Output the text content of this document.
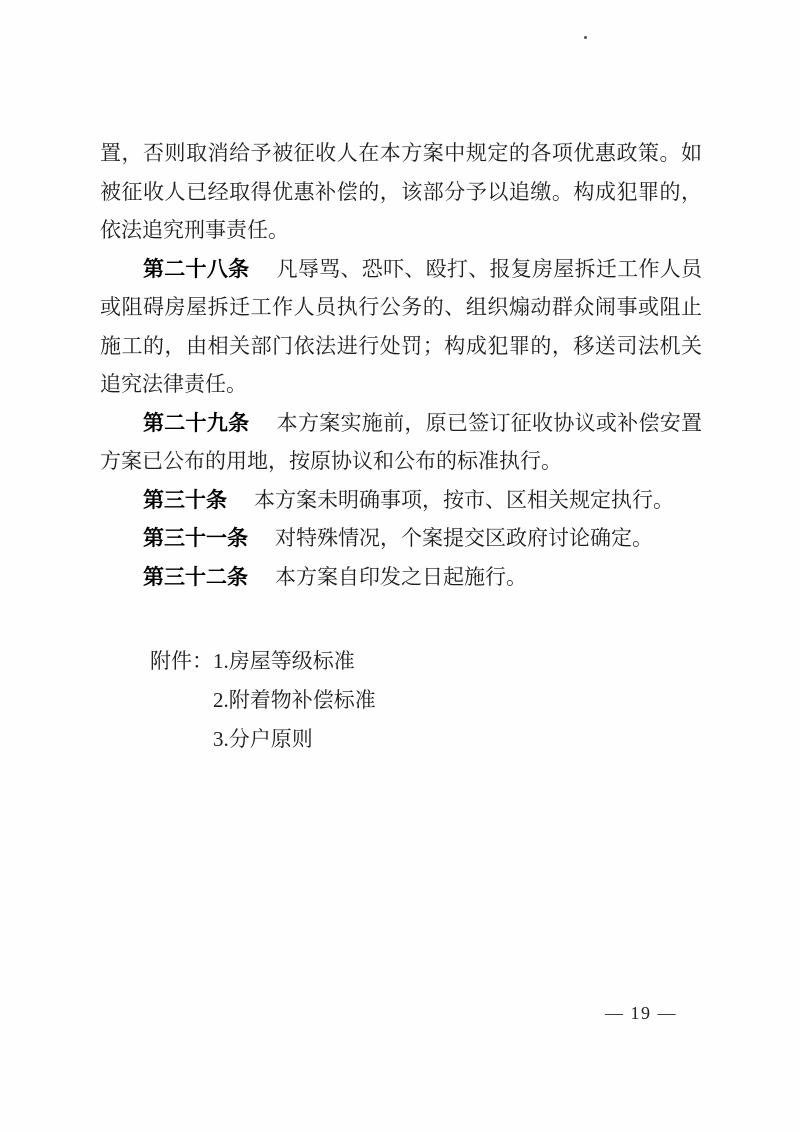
置，否则取消给予被征收人在本方案中规定的各项优惠政策。如
被征收人已经取得优惠补偿的，该部分予以追缴。构成犯罪的，
依法追究刑事责任。
第二十八条　凡辱骂、恐吓、殴打、报复房屋拆迁工作人员
或阻碍房屋拆迁工作人员执行公务的、组织煽动群众闹事或阻止
施工的，由相关部门依法进行处罚；构成犯罪的，移送司法机关
追究法律责任。
第二十九条　本方案实施前，原已签订征收协议或补偿安置
方案已公布的用地，按原协议和公布的标准执行。
第三十条　本方案未明确事项，按市、区相关规定执行。
第三十一条　对特殊情况，个案提交区政府讨论确定。
第三十二条　本方案自印发之日起施行。
附件： 1.房屋等级标准
2.附着物补偿标准
3.分户原则
— 19 —
